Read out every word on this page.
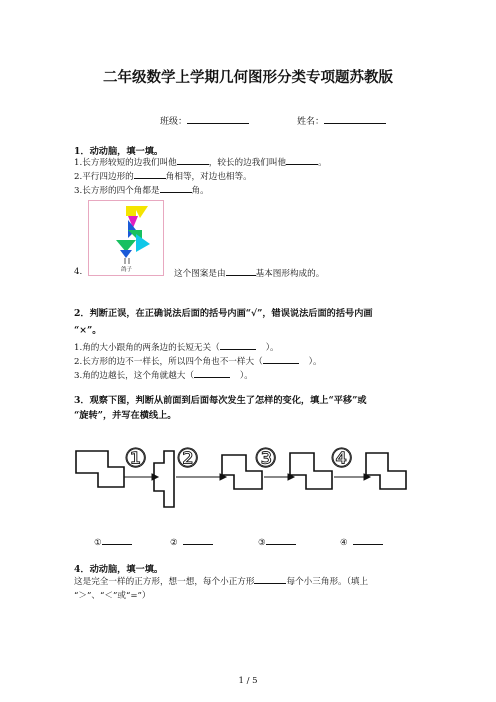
二年级数学上学期几何图形分类专项题苏教版
班级：	姓名：
1．动动脑，填一填。
1.长方形较短的边我们叫他	，较长的边我们叫他	。
2.平行四边形的	角相等，对边也相等。
3.长方形的四个角都是	角。
鸽子
4.	这个图案是由	基本图形构成的。
2．判断正误，在正确说法后面的括号内画“√”，错误说法后面的括号内画
“×”。
1.角的大小跟角的两条边的长短无关（	）。
2.长方形的边不一样长，所以四个角也不一样大（	）。
3.角的边越长，这个角就越大（	）。
3．观察下图，判断从前面到后面每次发生了怎样的变化，填上“平移”或
“旋转”，并写在横线上。
① ② ③ ④
①	②	③	④
4．动动脑，填一填。
这是完全一样的正方形，想一想，每个小正方形	每个小三角形。（填上
“＞”、“＜”或“=”）
1 / 5
